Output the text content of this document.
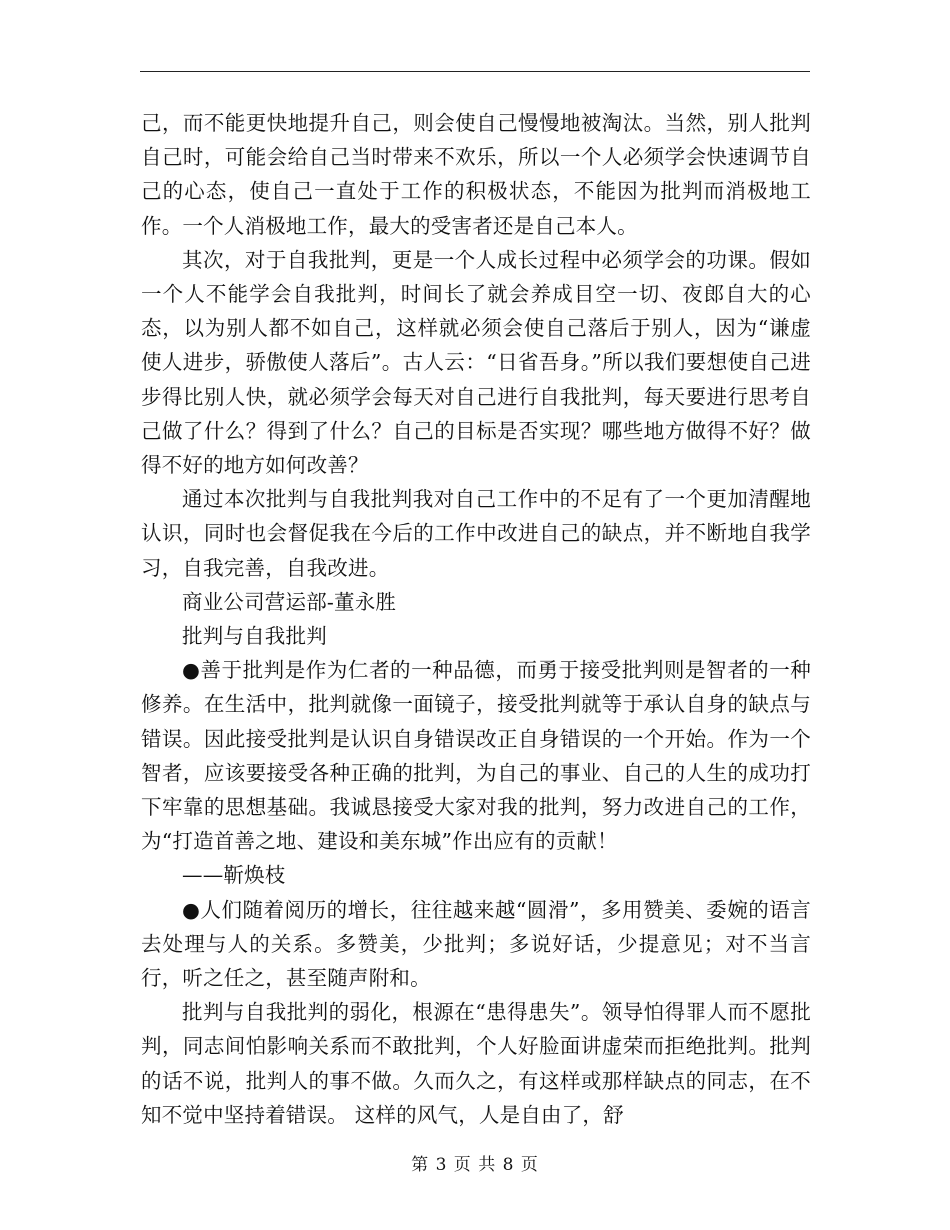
己，而不能更快地提升自己，则会使自己慢慢地被淘汰。当然，别人批判自己时，可能会给自己当时带来不欢乐，所以一个人必须学会快速调节自己的心态，使自己一直处于工作的积极状态，不能因为批判而消极地工作。一个人消极地工作，最大的受害者还是自己本人。

其次，对于自我批判，更是一个人成长过程中必须学会的功课。假如一个人不能学会自我批判，时间长了就会养成目空一切、夜郎自大的心态，以为别人都不如自己，这样就必须会使自己落后于别人，因为“谦虚使人进步，骄傲使人落后”。古人云：“日省吾身。”所以我们要想使自己进步得比别人快，就必须学会每天对自己进行自我批判，每天要进行思考自己做了什么？得到了什么？自己的目标是否实现？哪些地方做得不好？做得不好的地方如何改善？

通过本次批判与自我批判我对自己工作中的不足有了一个更加清醒地认识，同时也会督促我在今后的工作中改进自己的缺点，并不断地自我学习，自我完善，自我改进。

商业公司营运部-董永胜

批判与自我批判

●善于批判是作为仁者的一种品德，而勇于接受批判则是智者的一种修养。在生活中，批判就像一面镜子，接受批判就等于承认自身的缺点与错误。因此接受批判是认识自身错误改正自身错误的一个开始。作为一个智者，应该要接受各种正确的批判，为自己的事业、自己的人生的成功打下牢靠的思想基础。我诚恳接受大家对我的批判，努力改进自己的工作，为“打造首善之地、建设和美东城”作出应有的贡献！

——靳焕枝

●人们随着阅历的增长，往往越来越“圆滑”，多用赞美、委婉的语言去处理与人的关系。多赞美，少批判；多说好话，少提意见；对不当言行，听之任之，甚至随声附和。

批判与自我批判的弱化，根源在“患得患失”。领导怕得罪人而不愿批判，同志间怕影响关系而不敢批判，个人好脸面讲虚荣而拒绝批判。批判的话不说，批判人的事不做。久而久之，有这样或那样缺点的同志，在不知不觉中坚持着错误。 这样的风气，人是自由了，舒

第 3 页 共 8 页
